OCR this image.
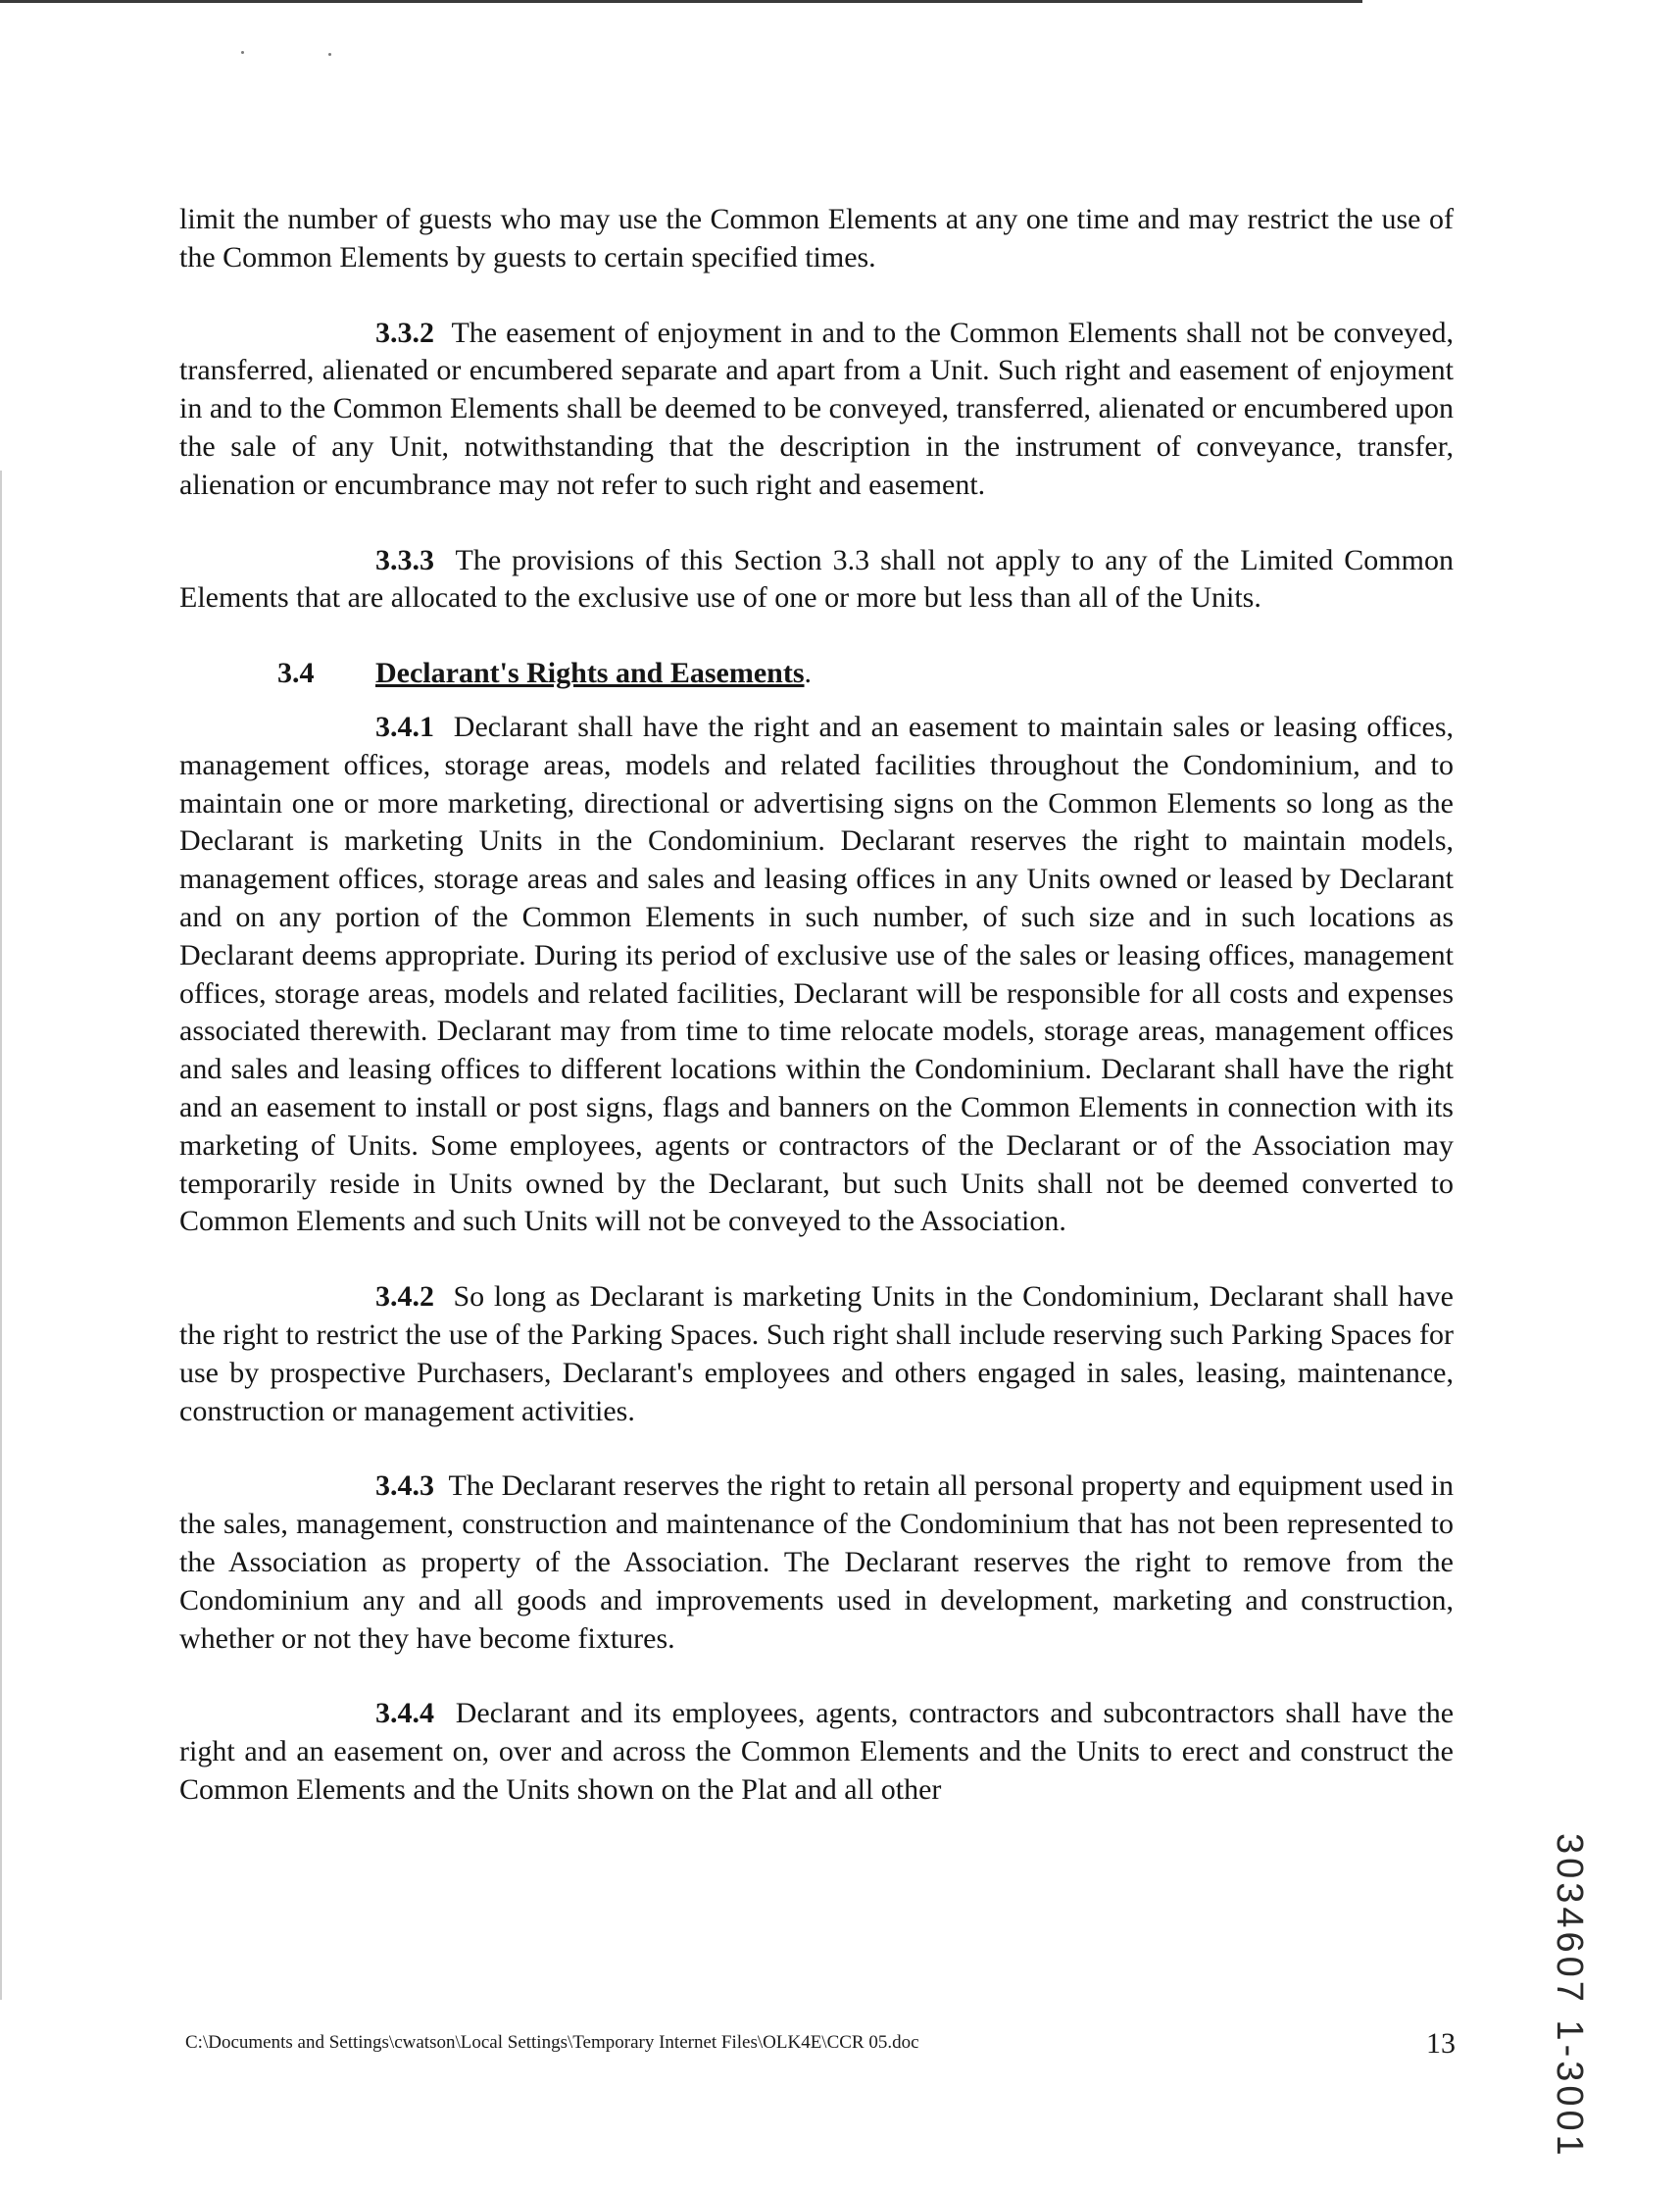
limit the number of guests who may use the Common Elements at any one time and may restrict the use of the Common Elements by guests to certain specified times.

3.3.2 The easement of enjoyment in and to the Common Elements shall not be conveyed, transferred, alienated or encumbered separate and apart from a Unit. Such right and easement of enjoyment in and to the Common Elements shall be deemed to be conveyed, transferred, alienated or encumbered upon the sale of any Unit, notwithstanding that the description in the instrument of conveyance, transfer, alienation or encumbrance may not refer to such right and easement.

3.3.3 The provisions of this Section 3.3 shall not apply to any of the Limited Common Elements that are allocated to the exclusive use of one or more but less than all of the Units.

3.4	Declarant's Rights and Easements .

3.4.1 Declarant shall have the right and an easement to maintain sales or leasing offices, management offices, storage areas, models and related facilities throughout the Condominium, and to maintain one or more marketing, directional or advertising signs on the Common Elements so long as the Declarant is marketing Units in the Condominium. Declarant reserves the right to maintain models, management offices, storage areas and sales and leasing offices in any Units owned or leased by Declarant and on any portion of the Common Elements in such number, of such size and in such locations as Declarant deems appropriate. During its period of exclusive use of the sales or leasing offices, management offices, storage areas, models and related facilities, Declarant will be responsible for all costs and expenses associated therewith. Declarant may from time to time relocate models, storage areas, management offices and sales and leasing offices to different locations within the Condominium. Declarant shall have the right and an easement to install or post signs, flags and banners on the Common Elements in connection with its marketing of Units. Some employees, agents or contractors of the Declarant or of the Association may temporarily reside in Units owned by the Declarant, but such Units shall not be deemed converted to Common Elements and such Units will not be conveyed to the Association.

3.4.2 So long as Declarant is marketing Units in the Condominium, Declarant shall have the right to restrict the use of the Parking Spaces. Such right shall include reserving such Parking Spaces for use by prospective Purchasers, Declarant's employees and others engaged in sales, leasing, maintenance, construction or management activities.

3.4.3 The Declarant reserves the right to retain all personal property and equipment used in the sales, management, construction and maintenance of the Condominium that has not been represented to the Association as property of the Association. The Declarant reserves the right to remove from the Condominium any and all goods and improvements used in development, marketing and construction, whether or not they have become fixtures.

3.4.4 Declarant and its employees, agents, contractors and subcontractors shall have the right and an easement on, over and across the Common Elements and the Units to erect and construct the Common Elements and the Units shown on the Plat and all other

3034607 1-3001
C:\Documents and Settings\cwatson\Local Settings\Temporary Internet Files\OLK4E\CCR 05.doc	13
